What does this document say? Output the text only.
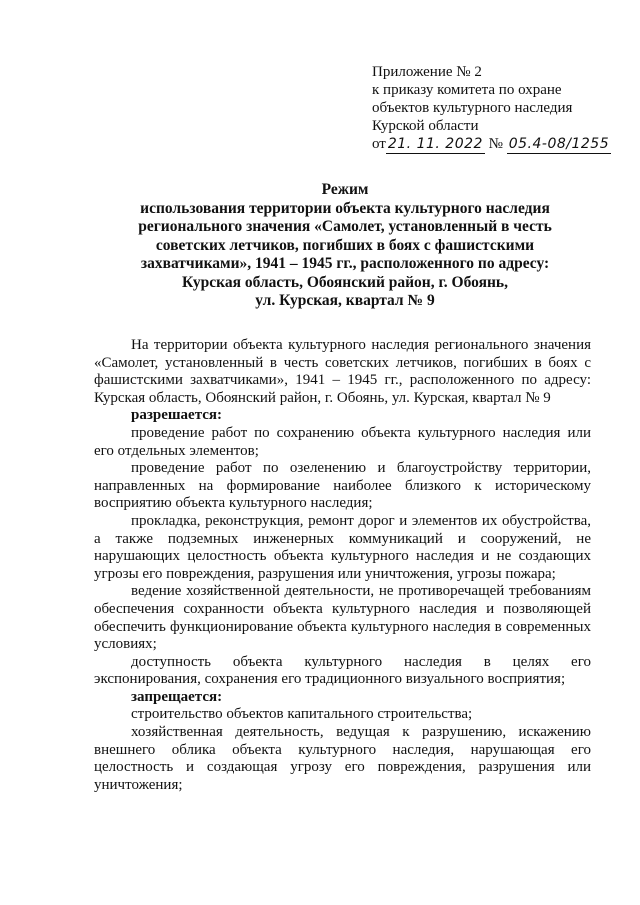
Приложение № 2
к приказу комитета по охране
объектов культурного наследия
Курской области
от 21. 11. 2022 № 05.4-08/1255
Режим
использования территории объекта культурного наследия
регионального значения «Самолет, установленный в честь
советских летчиков, погибших в боях с фашистскими
захватчиками», 1941 – 1945 гг., расположенного по адресу:
Курская область, Обоянский район, г. Обоянь,
ул. Курская, квартал № 9

На территории объекта культурного наследия регионального значения «Самолет, установленный в честь советских летчиков, погибших в боях с фашистскими захватчиками», 1941 – 1945 гг., расположенного по адресу: Курская область, Обоянский район, г. Обоянь, ул. Курская, квартал № 9

разрешается:

проведение работ по сохранению объекта культурного наследия или его отдельных элементов;

проведение работ по озеленению и благоустройству территории, направленных на формирование наиболее близкого к историческому восприятию объекта культурного наследия;

прокладка, реконструкция, ремонт дорог и элементов их обустройства, а также подземных инженерных коммуникаций и сооружений, не нарушающих целостность объекта культурного наследия и не создающих угрозы его повреждения, разрушения или уничтожения, угрозы пожара;

ведение хозяйственной деятельности, не противоречащей требованиям обеспечения сохранности объекта культурного наследия и позволяющей обеспечить функционирование объекта культурного наследия в современных условиях;

доступность объекта культурного наследия в целях его экспонирования, сохранения его традиционного визуального восприятия;

запрещается:

строительство объектов капитального строительства;

хозяйственная деятельность, ведущая к разрушению, искажению внешнего облика объекта культурного наследия, нарушающая его целостность и создающая угрозу его повреждения, разрушения или уничтожения;
